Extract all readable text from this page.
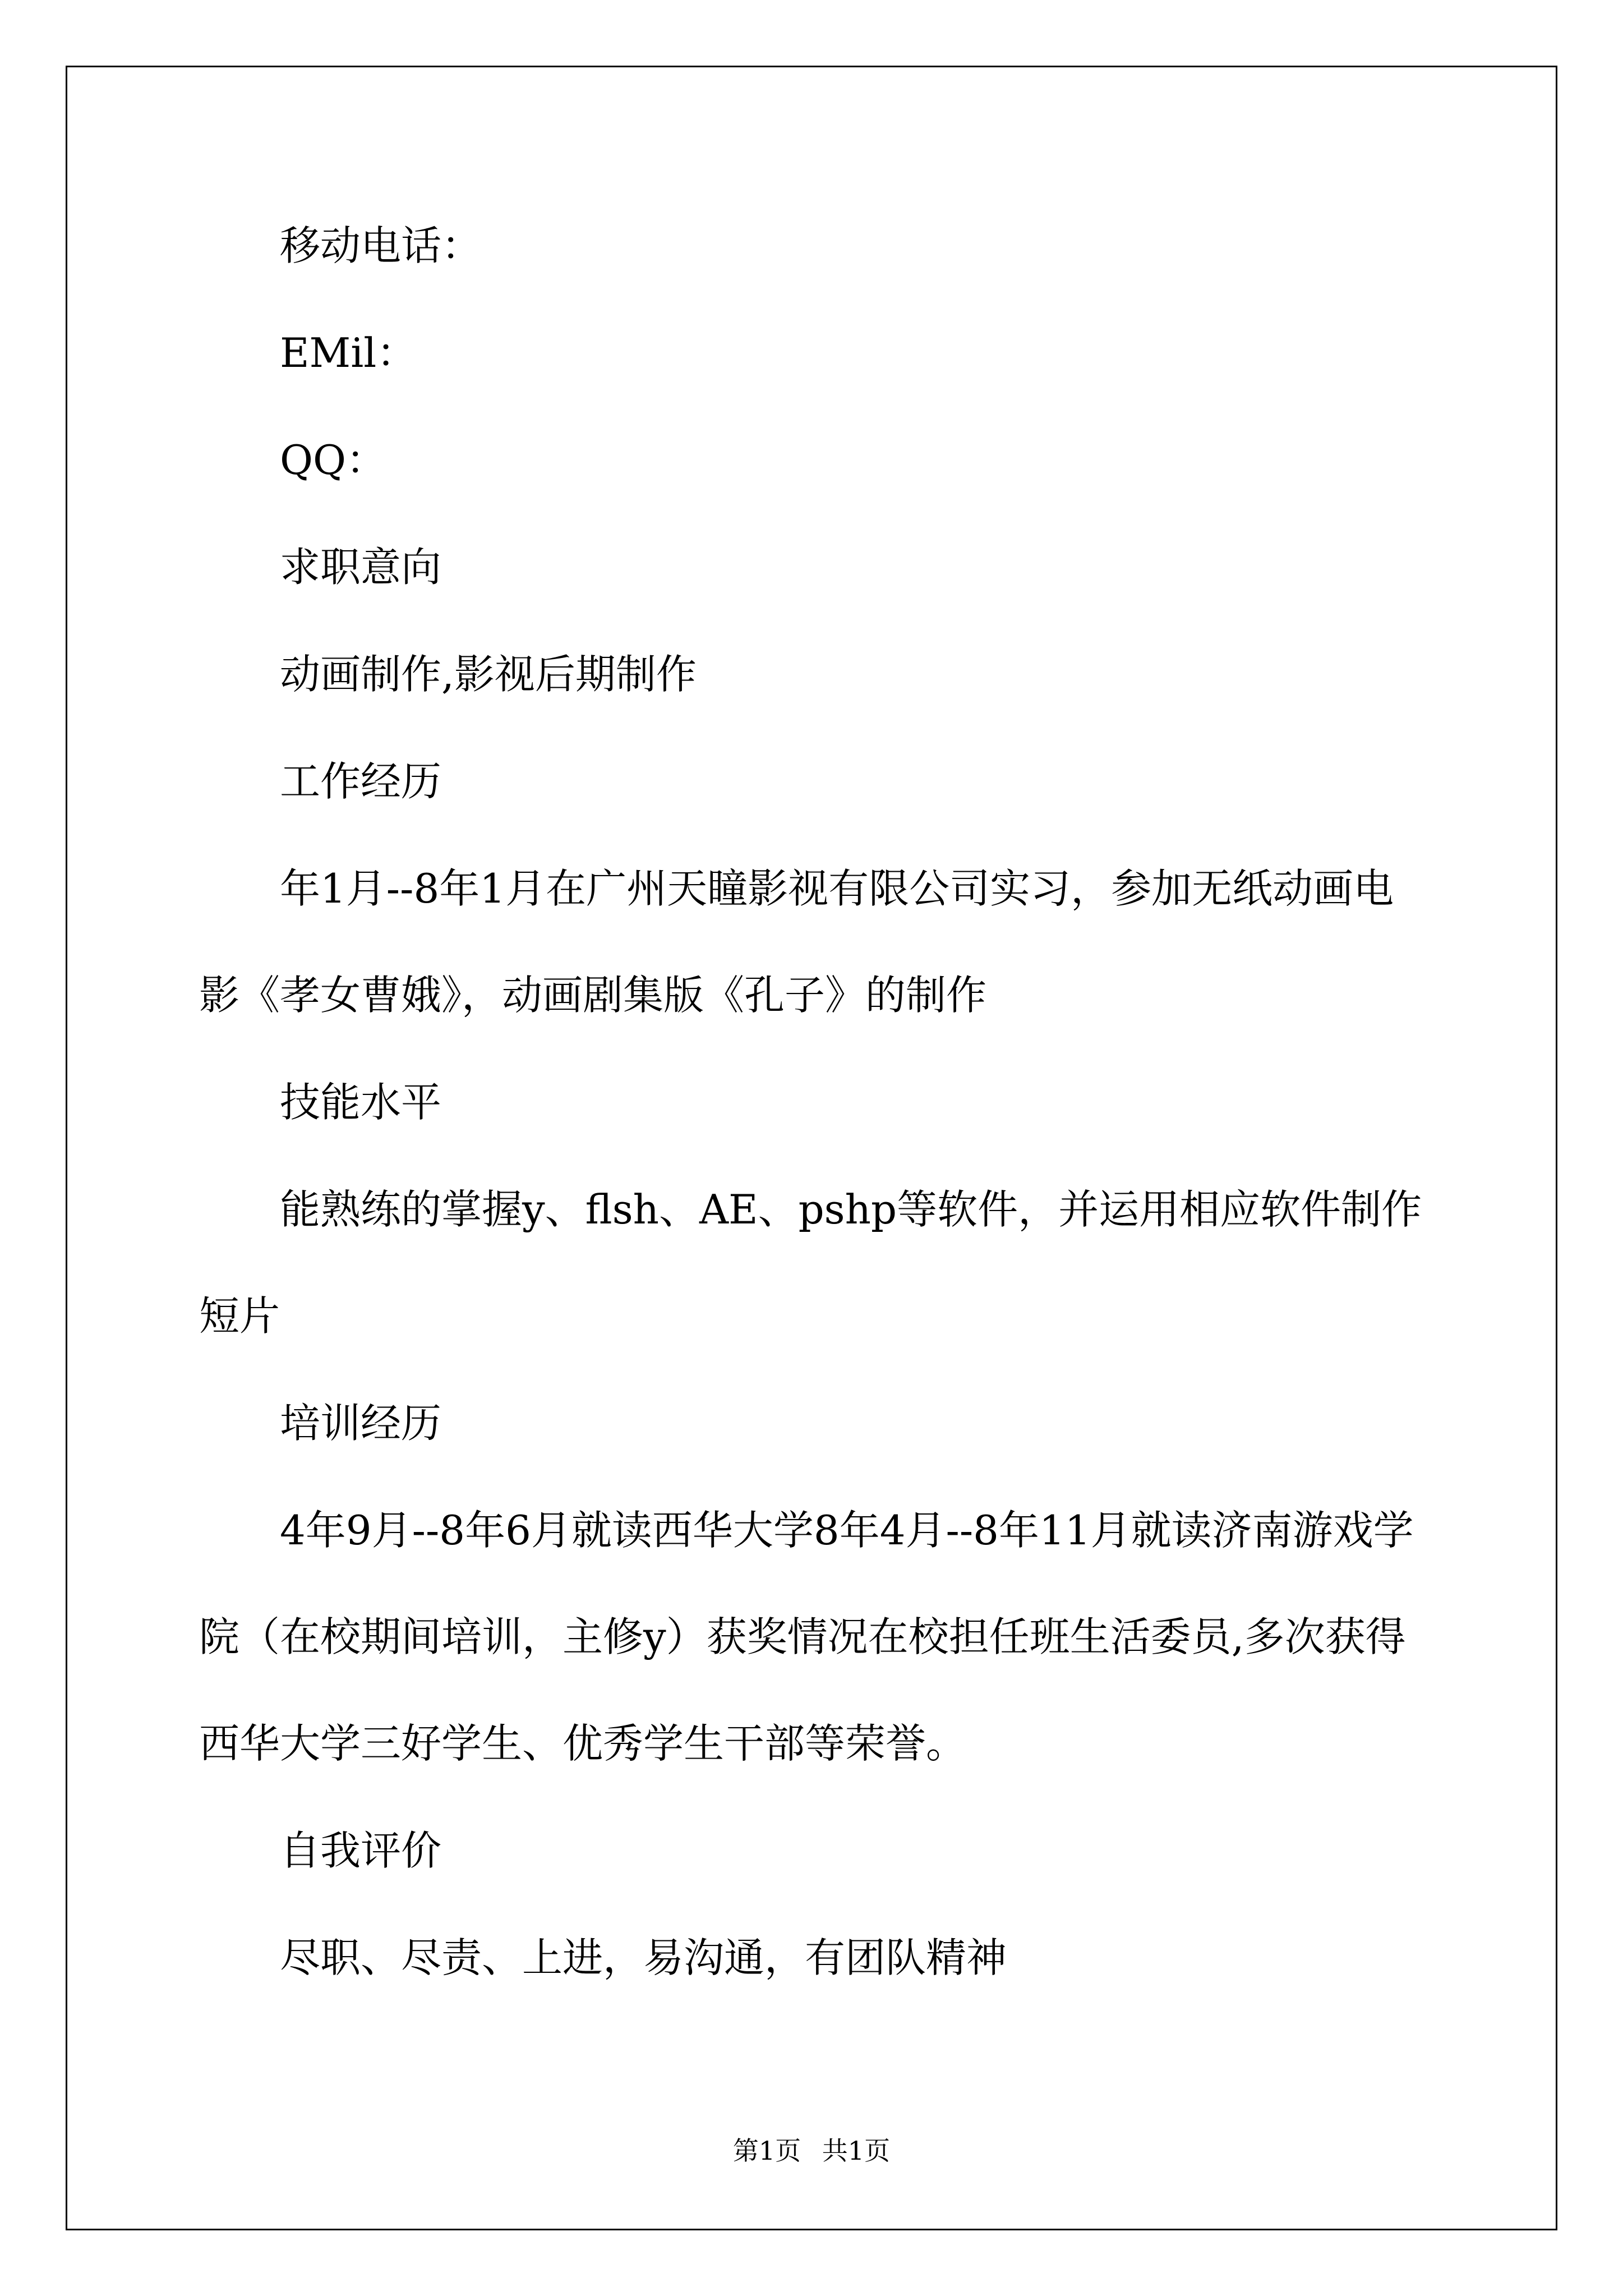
移动电话：

EMil：

QQ：

求职意向

动画制作,影视后期制作

工作经历

年1月--8年1月在广州天瞳影视有限公司实习，参加无纸动画电影《孝女曹娥》，动画剧集版《孔子》的制作

技能水平

能熟练的掌握y、flsh、AE、pshp等软件，并运用相应软件制作短片

培训经历

4年9月--8年6月就读西华大学8年4月--8年11月就读济南游戏学院（在校期间培训，主修y）获奖情况在校担任班生活委员,多次获得西华大学三好学生、优秀学生干部等荣誉。

自我评价

尽职、尽责、上进，易沟通，有团队精神

第1页 共1页
